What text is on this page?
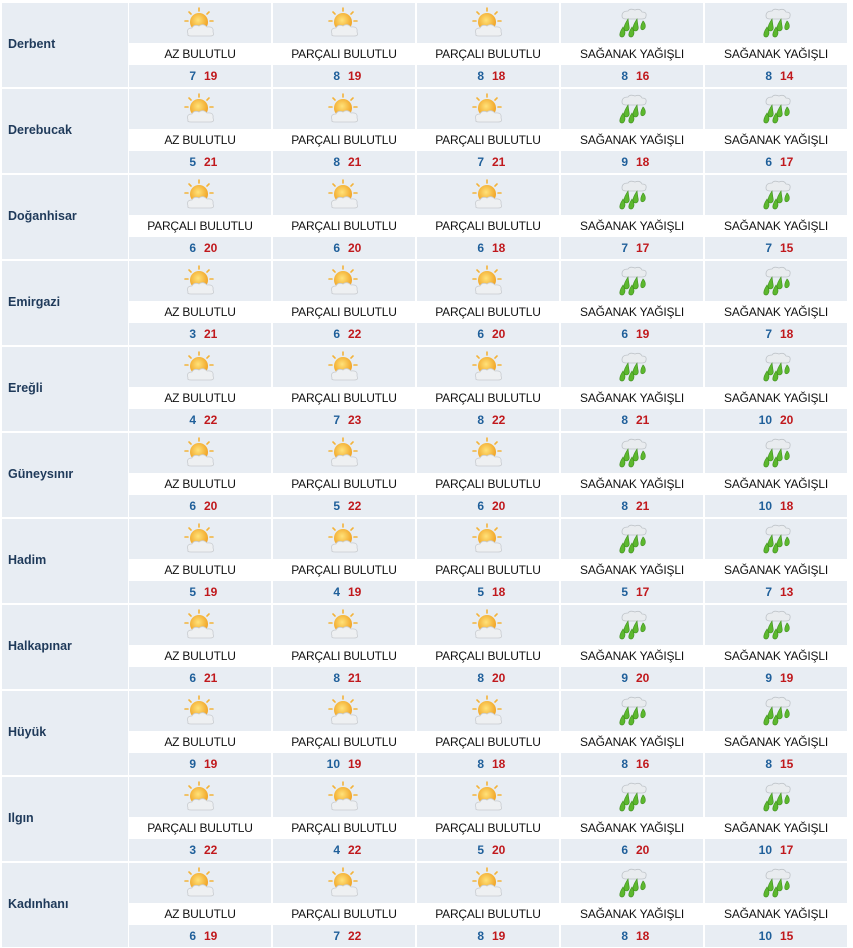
Derbent
AZ BULUTLU
7 19
PARÇALI BULUTLU
8 19
PARÇALI BULUTLU
8 18
SAĞANAK YAĞIŞLI
8 16
SAĞANAK YAĞIŞLI
8 14
Derebucak
AZ BULUTLU
5 21
PARÇALI BULUTLU
8 21
PARÇALI BULUTLU
7 21
SAĞANAK YAĞIŞLI
9 18
SAĞANAK YAĞIŞLI
6 17
Doğanhisar
PARÇALI BULUTLU
6 20
PARÇALI BULUTLU
6 20
PARÇALI BULUTLU
6 18
SAĞANAK YAĞIŞLI
7 17
SAĞANAK YAĞIŞLI
7 15
Emirgazi
AZ BULUTLU
3 21
PARÇALI BULUTLU
6 22
PARÇALI BULUTLU
6 20
SAĞANAK YAĞIŞLI
6 19
SAĞANAK YAĞIŞLI
7 18
Ereğli
AZ BULUTLU
4 22
PARÇALI BULUTLU
7 23
PARÇALI BULUTLU
8 22
SAĞANAK YAĞIŞLI
8 21
SAĞANAK YAĞIŞLI
10 20
Güneysınır
AZ BULUTLU
6 20
PARÇALI BULUTLU
5 22
PARÇALI BULUTLU
6 20
SAĞANAK YAĞIŞLI
8 21
SAĞANAK YAĞIŞLI
10 18
Hadim
AZ BULUTLU
5 19
PARÇALI BULUTLU
4 19
PARÇALI BULUTLU
5 18
SAĞANAK YAĞIŞLI
5 17
SAĞANAK YAĞIŞLI
7 13
Halkapınar
AZ BULUTLU
6 21
PARÇALI BULUTLU
8 21
PARÇALI BULUTLU
8 20
SAĞANAK YAĞIŞLI
9 20
SAĞANAK YAĞIŞLI
9 19
Hüyük
AZ BULUTLU
9 19
PARÇALI BULUTLU
10 19
PARÇALI BULUTLU
8 18
SAĞANAK YAĞIŞLI
8 16
SAĞANAK YAĞIŞLI
8 15
Ilgın
PARÇALI BULUTLU
3 22
PARÇALI BULUTLU
4 22
PARÇALI BULUTLU
5 20
SAĞANAK YAĞIŞLI
6 20
SAĞANAK YAĞIŞLI
10 17
Kadınhanı
AZ BULUTLU
6 19
PARÇALI BULUTLU
7 22
PARÇALI BULUTLU
8 19
SAĞANAK YAĞIŞLI
8 18
SAĞANAK YAĞIŞLI
10 15
